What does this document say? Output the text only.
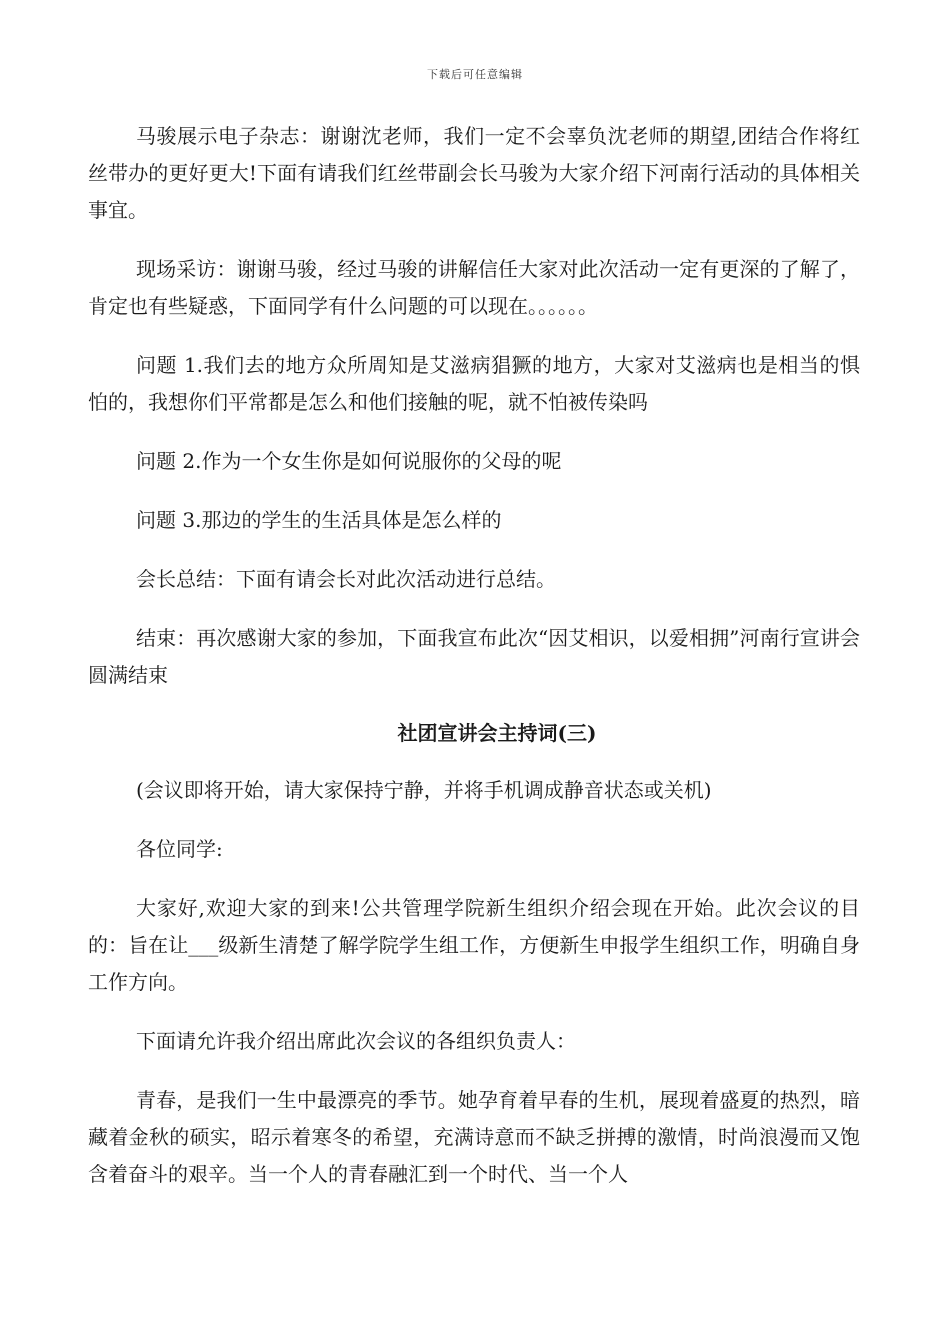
下载后可任意编辑

马骏展示电子杂志：谢谢沈老师，我们一定不会辜负沈老师的期望,团结合作将红丝带办的更好更大!下面有请我们红丝带副会长马骏为大家介绍下河南行活动的具体相关事宜。

现场采访：谢谢马骏，经过马骏的讲解信任大家对此次活动一定有更深的了解了，肯定也有些疑惑，下面同学有什么问题的可以现在。。。。。。

问题 1.我们去的地方众所周知是艾滋病猖獗的地方，大家对艾滋病也是相当的惧怕的，我想你们平常都是怎么和他们接触的呢，就不怕被传染吗

问题 2.作为一个女生你是如何说服你的父母的呢

问题 3.那边的学生的生活具体是怎么样的

会长总结：下面有请会长对此次活动进行总结。

结束：再次感谢大家的参加，下面我宣布此次“因艾相识，以爱相拥”河南行宣讲会圆满结束

社团宣讲会主持词(三)

(会议即将开始，请大家保持宁静，并将手机调成静音状态或关机)

各位同学:

大家好,欢迎大家的到来!公共管理学院新生组织介绍会现在开始。此次会议的目的：旨在让___级新生清楚了解学院学生组工作，方便新生申报学生组织工作，明确自身工作方向。

下面请允许我介绍出席此次会议的各组织负责人：

青春，是我们一生中最漂亮的季节。她孕育着早春的生机，展现着盛夏的热烈，暗藏着金秋的硕实，昭示着寒冬的希望，充满诗意而不缺乏拼搏的激情，时尚浪漫而又饱含着奋斗的艰辛。当一个人的青春融汇到一个时代、当一个人
